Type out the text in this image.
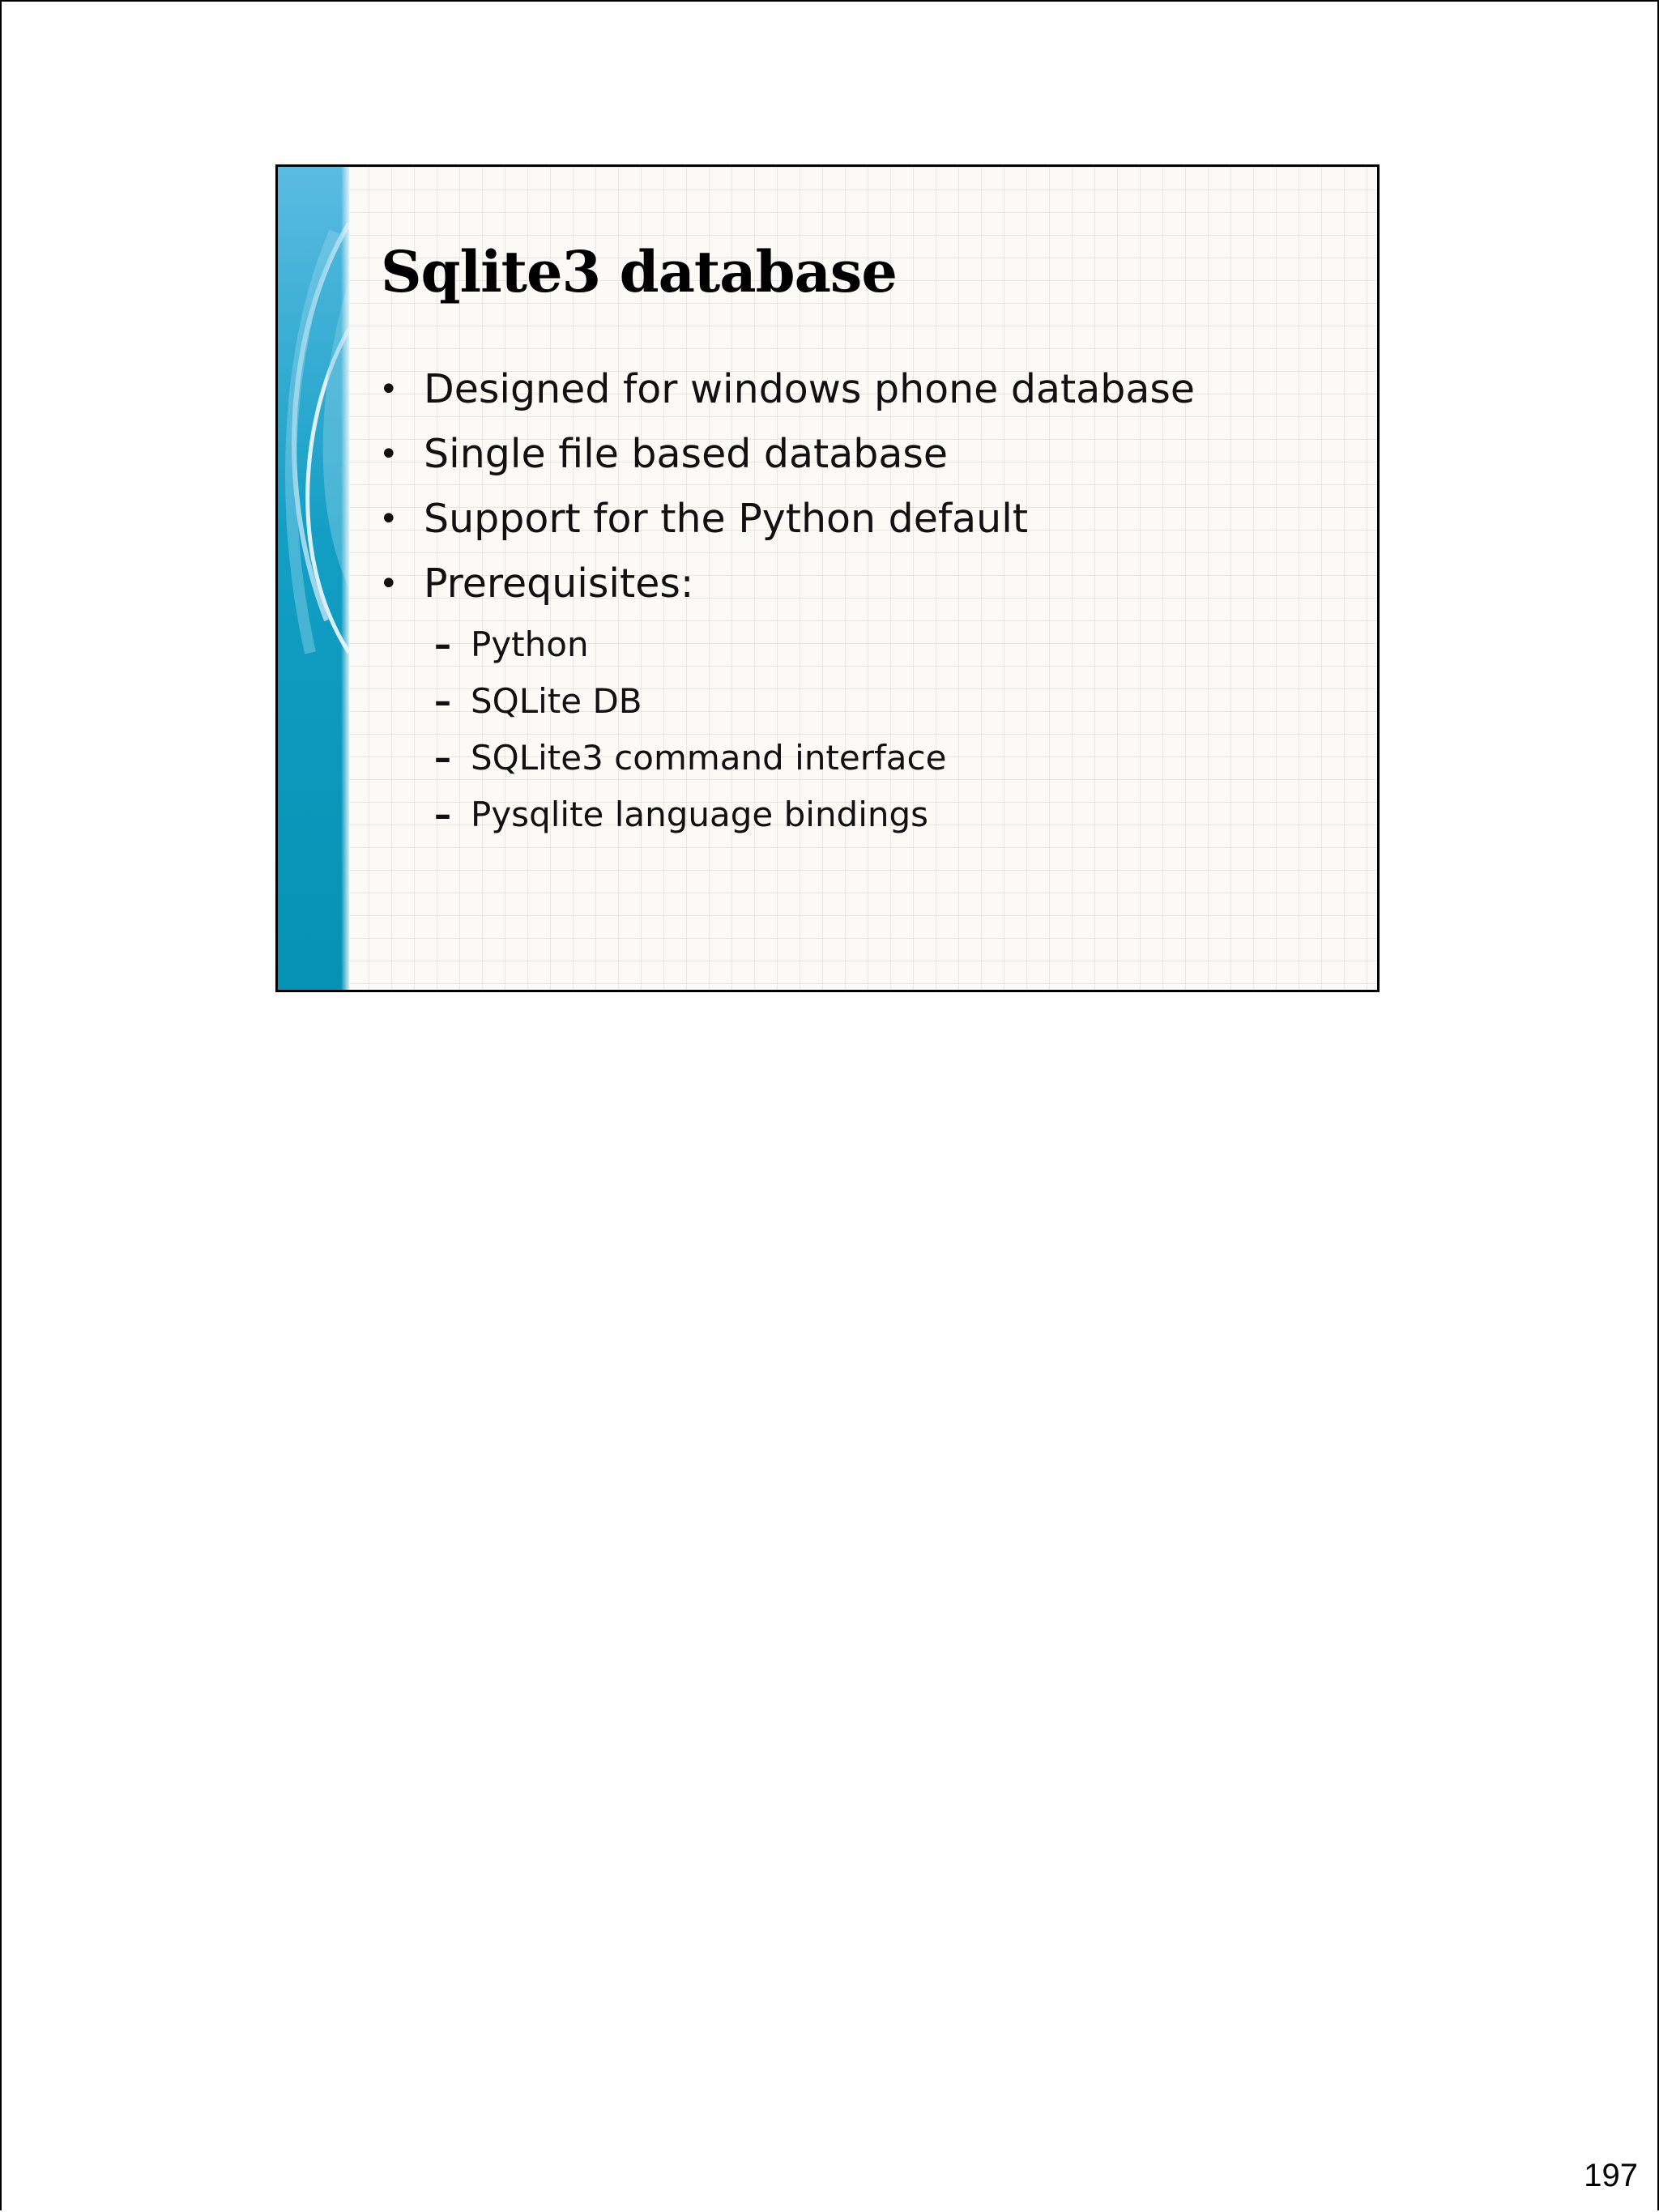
Sqlite3 database
• Designed for windows phone database
• Single file based database
• Support for the Python default
• Prerequisites:
– Python
– SQLite DB
– SQLite3 command interface
– Pysqlite language bindings
197
